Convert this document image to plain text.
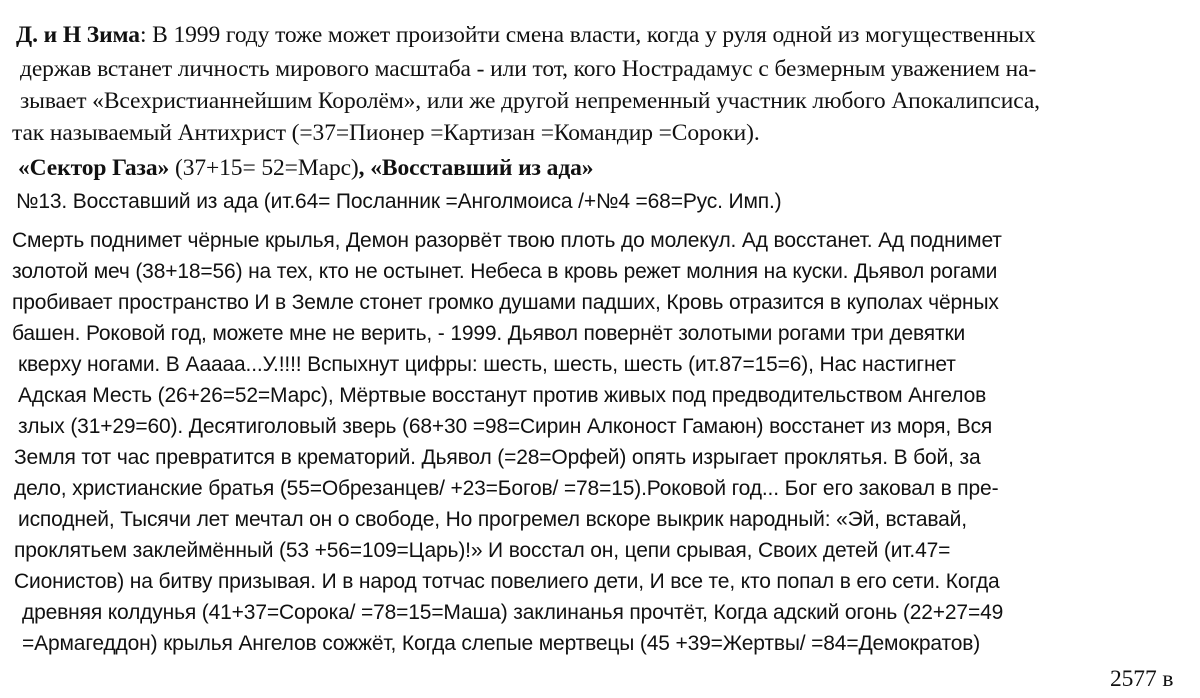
Д. и Н Зима: В 1999 году тоже может произойти смена власти, когда у руля одной из могущественных
держав встанет личность мирового масштаба - или тот, кого Нострадамус с безмерным уважением на-
зывает «Всехристианнейшим Королём», или же другой непременный участник любого Апокалипсиса,
так называемый Антихрист (=37=Пионер =Картизан =Командир =Сороки).
«Сектор Газа» (37+15= 52=Марс), «Восставший из ада»
№13. Восставший из ада (ит.64= Посланник =Анголмоиса /+№4 =68=Рус. Имп.)
Смерть поднимет чёрные крылья, Демон разорвёт твою плоть до молекул. Ад восстанет. Ад поднимет
золотой меч (38+18=56) на тех, кто не остынет. Небеса в кровь режет молния на куски. Дьявол рогами
пробивает пространство И в Земле стонет громко душами падших, Кровь отразится в куполах чёрных
башен. Роковой год, можете мне не верить, - 1999. Дьявол повернёт золотыми рогами три девятки
кверху ногами. В Ааааа...У.!!!! Вспыхнут цифры: шесть, шесть, шесть (ит.87=15=6), Нас настигнет
Адская Месть (26+26=52=Марс), Мёртвые восстанут против живых под предводительством Ангелов
злых (31+29=60). Десятиголовый зверь (68+30 =98=Сирин Алконост Гамаюн) восстанет из моря, Вся
Земля тот час превратится в крематорий. Дьявол (=28=Орфей) опять изрыгает проклятья. В бой, за
дело, христианские братья (55=Обрезанцев/ +23=Богов/ =78=15).Роковой год... Бог его заковал в пре-
исподней, Тысячи лет мечтал он о свободе, Но прогремел вскоре выкрик народный: «Эй, вставай,
проклятьем заклеймённый (53 +56=109=Царь)!» И восстал он, цепи срывая, Своих детей (ит.47=
Сионистов) на битву призывая. И в народ тотчас повелиего дети, И все те, кто попал в его сети. Когда
древняя колдунья (41+37=Сорока/ =78=15=Маша) заклинанья прочтёт, Когда адский огонь (22+27=49
=Армагеддон) крылья Ангелов сожжёт, Когда слепые мертвецы (45 +39=Жертвы/ =84=Демократов)
2577 в
